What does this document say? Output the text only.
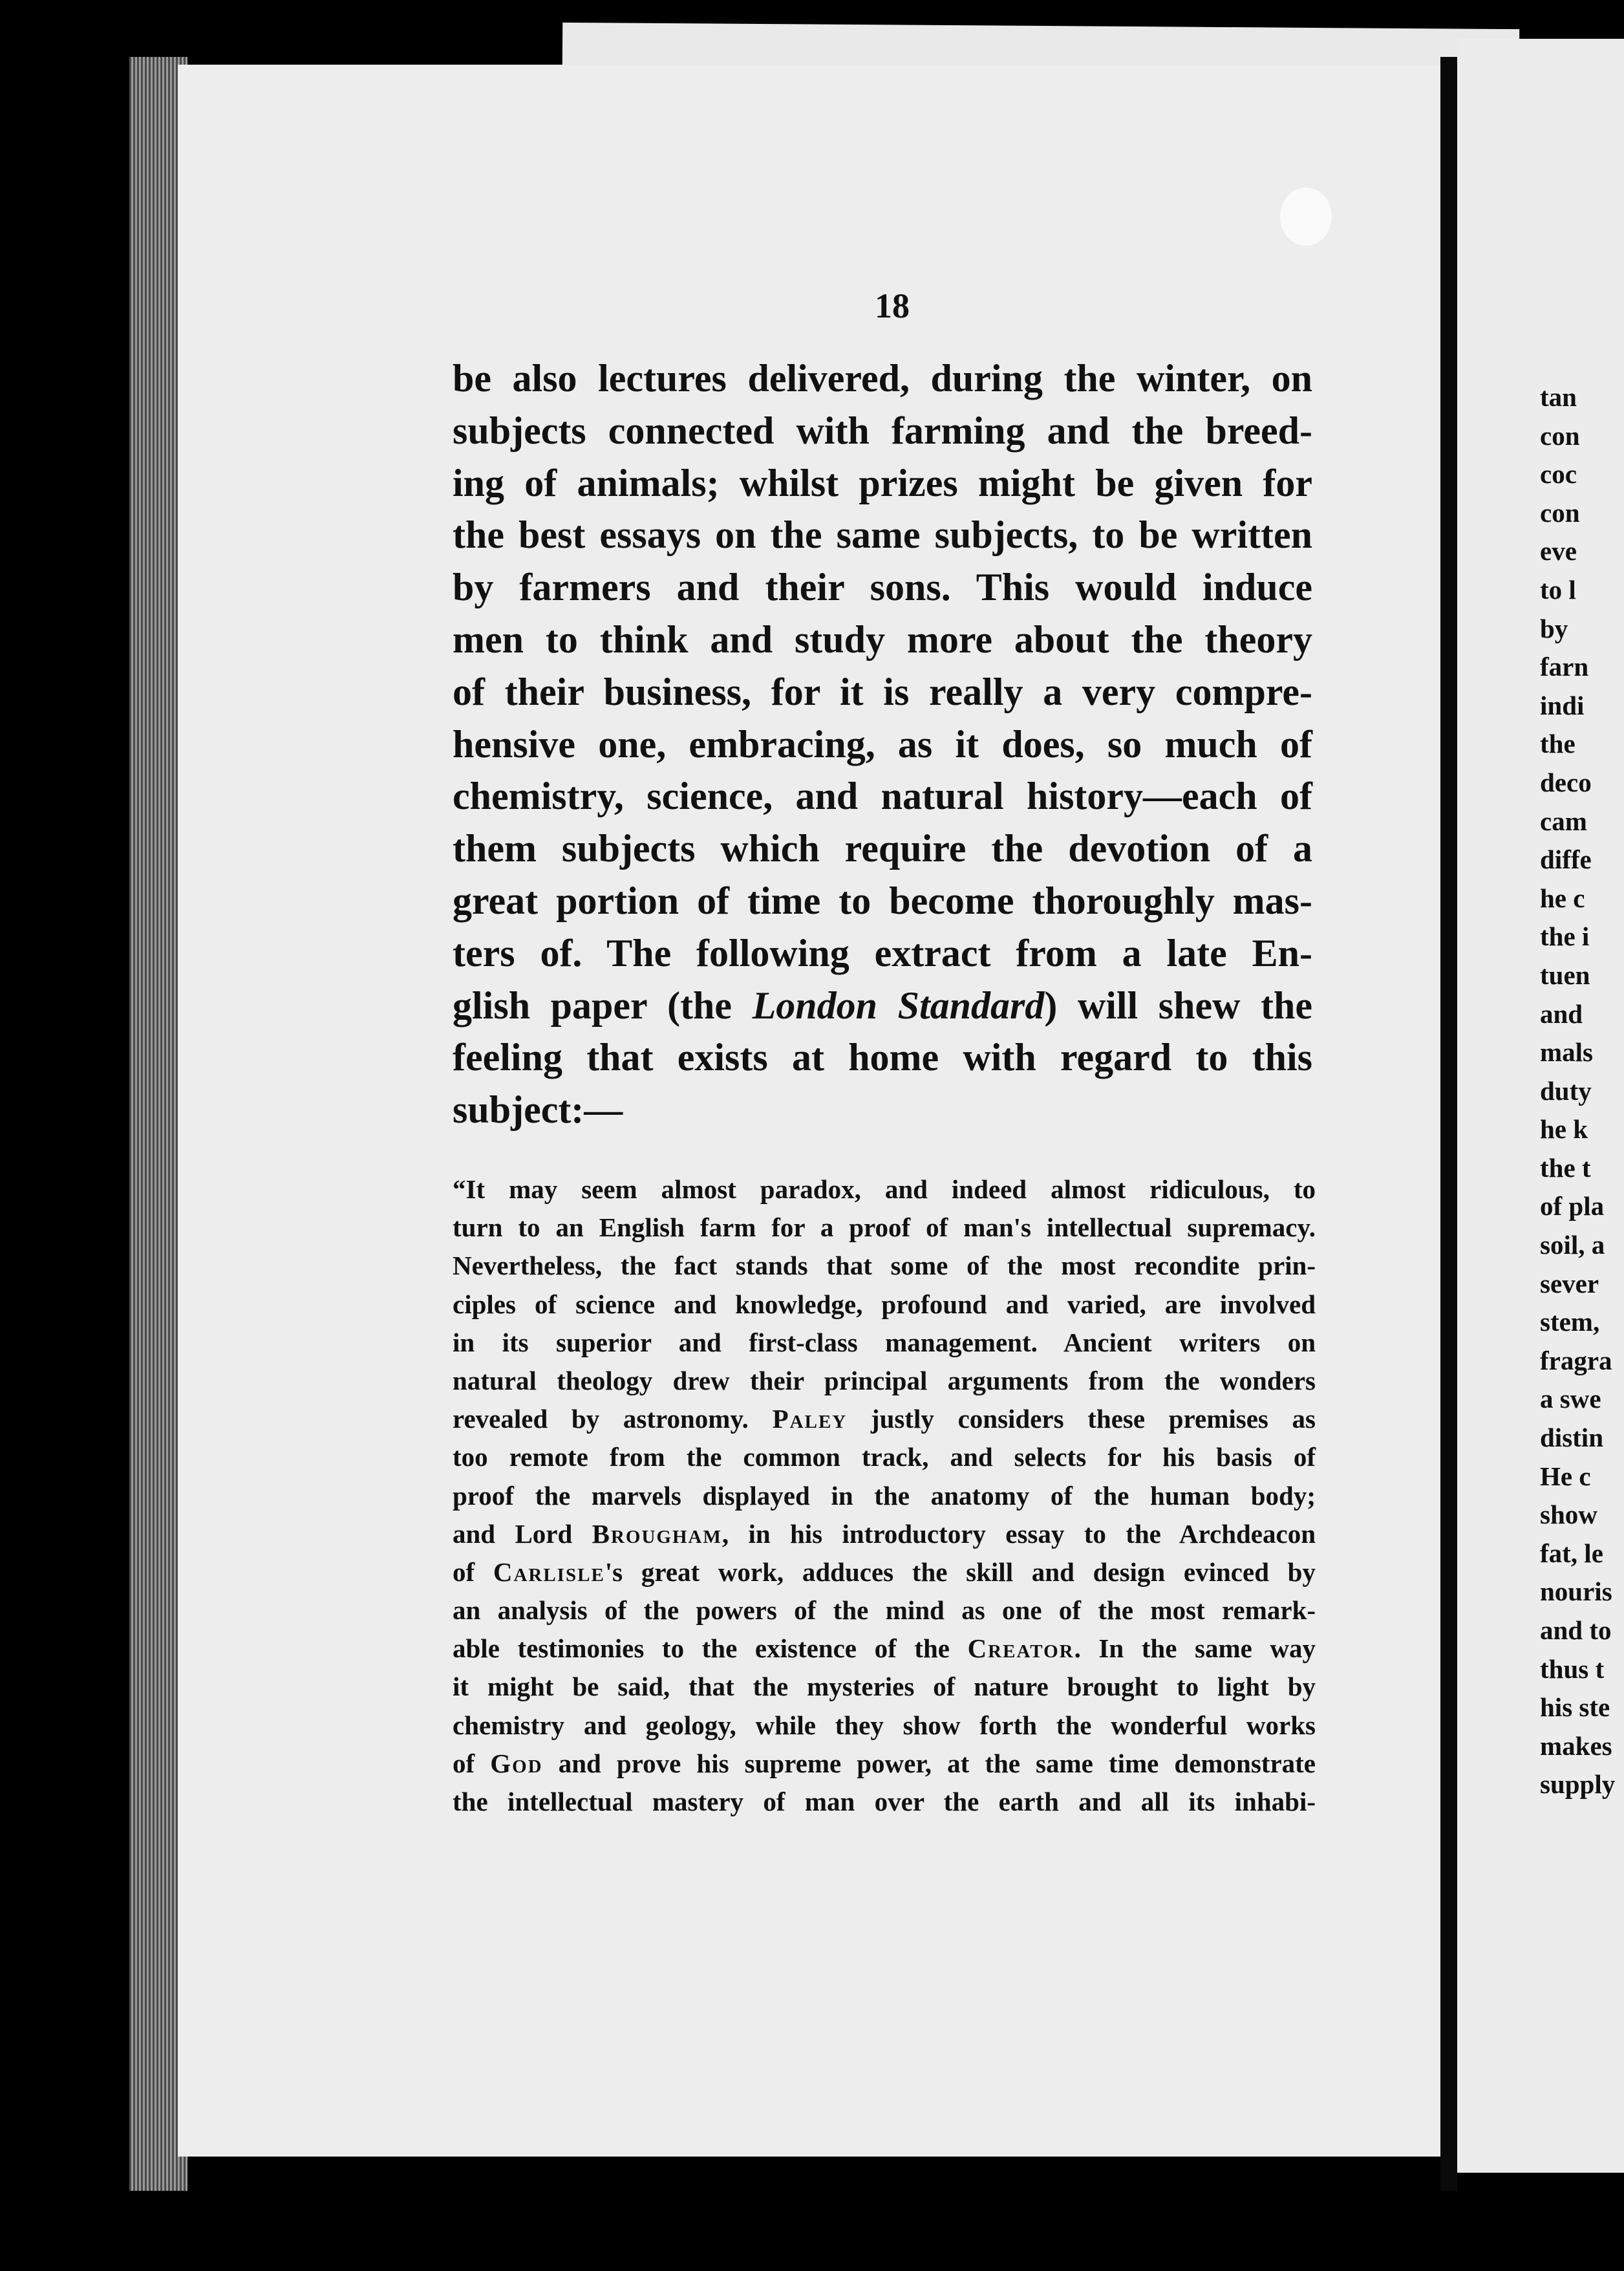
18
be also lectures delivered, during the winter, on
subjects connected with farming and the breed-
ing of animals; whilst prizes might be given for
the best essays on the same subjects, to be written
by farmers and their sons. This would induce
men to think and study more about the theory
of their business, for it is really a very compre-
hensive one, embracing, as it does, so much of
chemistry, science, and natural history—each of
them subjects which require the devotion of a
great portion of time to become thoroughly mas-
ters of. The following extract from a late En-
glish paper (the London Standard) will shew the
feeling that exists at home with regard to this
subject:—
“It may seem almost paradox, and indeed almost ridiculous, to
turn to an English farm for a proof of man's intellectual supremacy.
Nevertheless, the fact stands that some of the most recondite prin-
ciples of science and knowledge, profound and varied, are involved
in its superior and first-class management. Ancient writers on
natural theology drew their principal arguments from the wonders
revealed by astronomy. Paley justly considers these premises as
too remote from the common track, and selects for his basis of
proof the marvels displayed in the anatomy of the human body;
and Lord Brougham, in his introductory essay to the Archdeacon
of Carlisle's great work, adduces the skill and design evinced by
an analysis of the powers of the mind as one of the most remark-
able testimonies to the existence of the Creator. In the same way
it might be said, that the mysteries of nature brought to light by
chemistry and geology, while they show forth the wonderful works
of God and prove his supreme power, at the same time demonstrate
the intellectual mastery of man over the earth and all its inhabi-
tan
con
coc
con
eve
to l
by
farn
indi
the
deco
cam
diffe
he c
the i
tuen
and
mals
duty
he k
the t
of pla
soil, a
sever
stem,
fragra
a swe
distin
He c
show
fat, le
nouris
and to
thus t
his ste
makes
supply
